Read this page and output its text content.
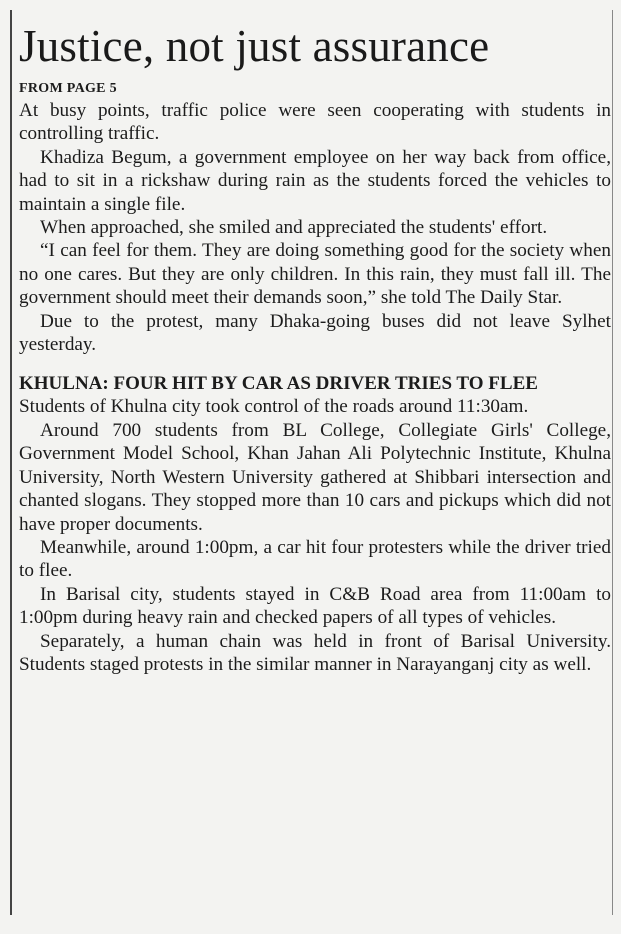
Justice, not just assurance
FROM PAGE 5

At busy points, traffic police were seen cooperating with students in controlling traffic.

Khadiza Begum, a government employee on her way back from office, had to sit in a rickshaw during rain as the students forced the vehicles to maintain a single file.

When approached, she smiled and appreciated the students' effort.

“I can feel for them. They are doing something good for the society when no one cares. But they are only children. In this rain, they must fall ill. The government should meet their demands soon,” she told The Daily Star.

Due to the protest, many Dhaka-going buses did not leave Sylhet yesterday.

KHULNA: FOUR HIT BY CAR AS DRIVER TRIES TO FLEE

Students of Khulna city took control of the roads around 11:30am.

Around 700 students from BL College, Collegiate Girls' College, Government Model School, Khan Jahan Ali Polytechnic Institute, Khulna University, North Western University gathered at Shibbari intersection and chanted slogans. They stopped more than 10 cars and pickups which did not have proper documents.

Meanwhile, around 1:00pm, a car hit four protesters while the driver tried to flee.

In Barisal city, students stayed in C&B Road area from 11:00am to 1:00pm during heavy rain and checked papers of all types of vehicles.

Separately, a human chain was held in front of Barisal University. Students staged protests in the similar manner in Narayanganj city as well.
